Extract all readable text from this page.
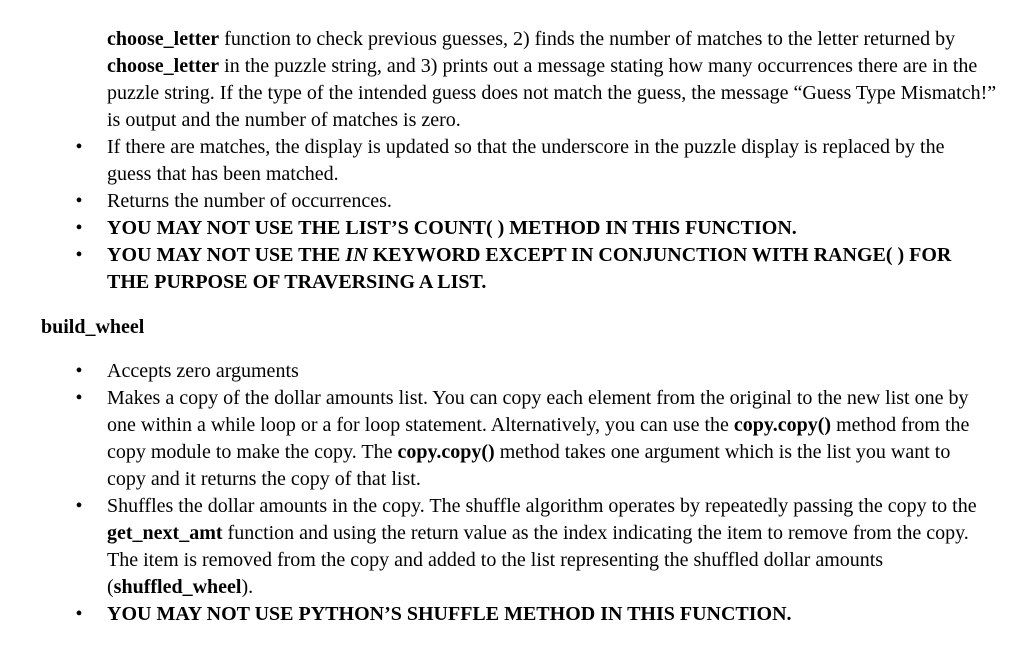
choose_letter function to check previous guesses, 2) finds the number of matches to the letter returned by choose_letter in the puzzle string, and 3) prints out a message stating how many occurrences there are in the puzzle string. If the type of the intended guess does not match the guess, the message “Guess Type Mismatch!” is output and the number of matches is zero.

• If there are matches, the display is updated so that the underscore in the puzzle display is replaced by the guess that has been matched.
• Returns the number of occurrences.
• YOU MAY NOT USE THE LIST’S COUNT( ) METHOD IN THIS FUNCTION.
• YOU MAY NOT USE THE IN KEYWORD EXCEPT IN CONJUNCTION WITH RANGE( ) FOR THE PURPOSE OF TRAVERSING A LIST.
build_wheel
• Accepts zero arguments
• Makes a copy of the dollar amounts list. You can copy each element from the original to the new list one by one within a while loop or a for loop statement. Alternatively, you can use the copy.copy() method from the copy module to make the copy. The copy.copy() method takes one argument which is the list you want to copy and it returns the copy of that list.
• Shuffles the dollar amounts in the copy. The shuffle algorithm operates by repeatedly passing the copy to the get_next_amt function and using the return value as the index indicating the item to remove from the copy. The item is removed from the copy and added to the list representing the shuffled dollar amounts (shuffled_wheel).
• YOU MAY NOT USE PYTHON’S SHUFFLE METHOD IN THIS FUNCTION.
